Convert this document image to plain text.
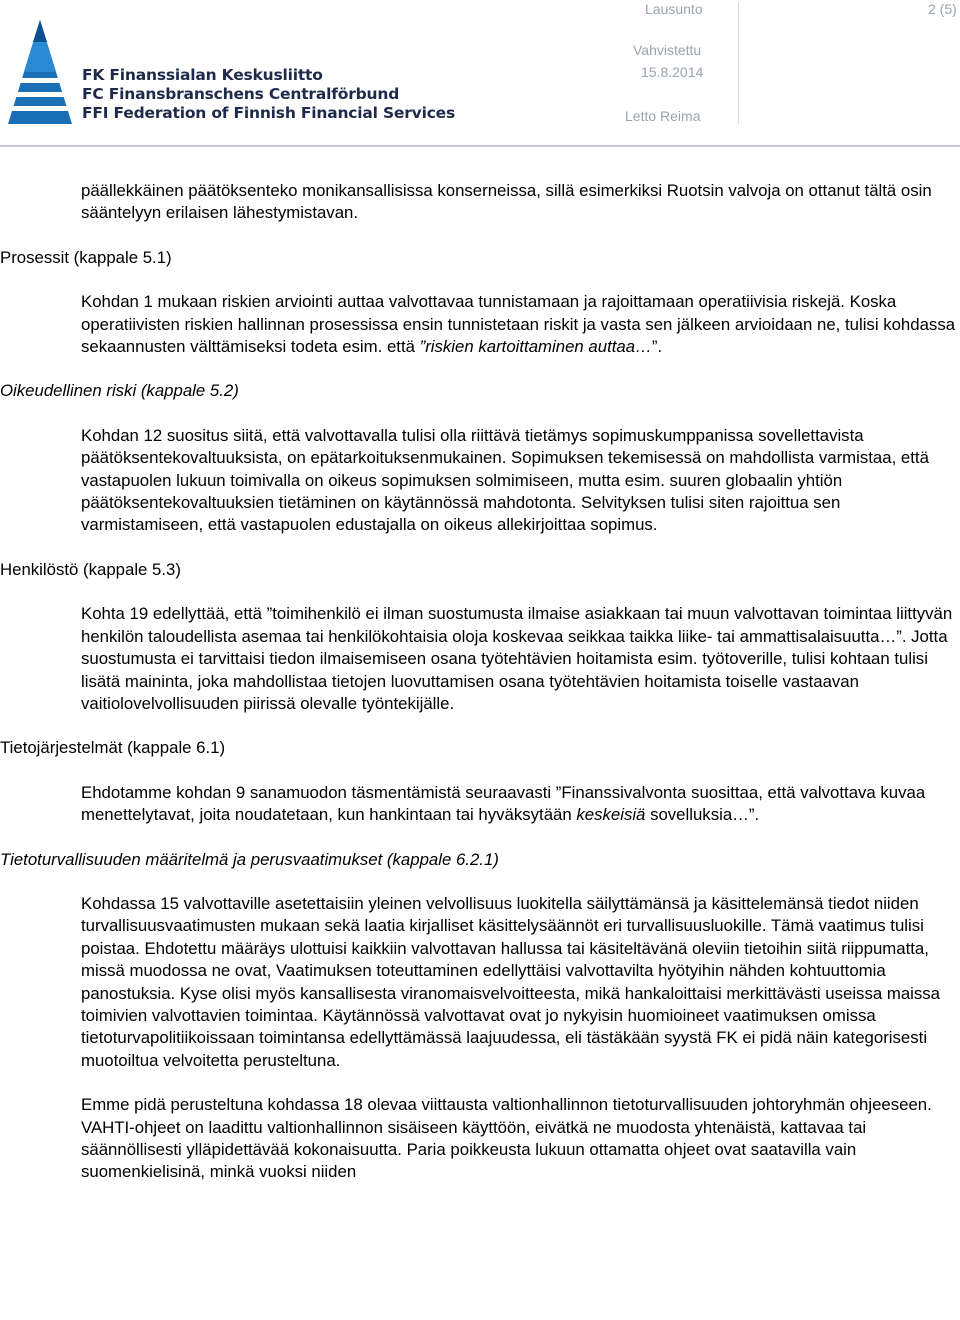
FK Finanssialan Keskusliitto
FC Finansbranschens Centralförbund
FFI Federation of Finnish Financial Services
Lausunto	2 (5)
Vahvistettu
15.8.2014
Letto Reima

päällekkäinen päätöksenteko monikansallisissa konserneissa, sillä esimerkiksi Ruotsin valvoja on ottanut tältä osin sääntelyyn erilaisen lähestymistavan.

Prosessit (kappale 5.1)

Kohdan 1 mukaan riskien arviointi auttaa valvottavaa tunnistamaan ja rajoittamaan operatiivisia riskejä. Koska operatiivisten riskien hallinnan prosessissa ensin tunnistetaan riskit ja vasta sen jälkeen arvioidaan ne, tulisi kohdassa sekaannusten välttämiseksi todeta esim. että ”riskien kartoittaminen auttaa…”.

Oikeudellinen riski (kappale 5.2)

Kohdan 12 suositus siitä, että valvottavalla tulisi olla riittävä tietämys sopimuskumppanissa sovellettavista päätöksentekovaltuuksista, on epätarkoituksenmukainen. Sopimuksen tekemisessä on mahdollista varmistaa, että vastapuolen lukuun toimivalla on oikeus sopimuksen solmimiseen, mutta esim. suuren globaalin yhtiön päätöksentekovaltuuksien tietäminen on käytännössä mahdotonta. Selvityksen tulisi siten rajoittua sen varmistamiseen, että vastapuolen edustajalla on oikeus allekirjoittaa sopimus.

Henkilöstö (kappale 5.3)

Kohta 19 edellyttää, että ”toimihenkilö ei ilman suostumusta ilmaise asiakkaan tai muun valvottavan toimintaa liittyvän henkilön taloudellista asemaa tai henkilökohtaisia oloja koskevaa seikkaa taikka liike- tai ammattisalaisuutta…”. Jotta suostumusta ei tarvittaisi tiedon ilmaisemiseen osana työtehtävien hoitamista esim. työtoverille, tulisi kohtaan tulisi lisätä maininta, joka mahdollistaa tietojen luovuttamisen osana työtehtävien hoitamista toiselle vastaavan vaitiolovelvollisuuden piirissä olevalle työntekijälle.

Tietojärjestelmät (kappale 6.1)

Ehdotamme kohdan 9 sanamuodon täsmentämistä seuraavasti ”Finanssivalvonta suosittaa, että valvottava kuvaa menettelytavat, joita noudatetaan, kun hankintaan tai hyväksytään keskeisiä sovelluksia…”.

Tietoturvallisuuden määritelmä ja perusvaatimukset (kappale 6.2.1)

Kohdassa 15 valvottaville asetettaisiin yleinen velvollisuus luokitella säilyttämänsä ja käsittelemänsä tiedot niiden turvallisuusvaatimusten mukaan sekä laatia kirjalliset käsittelysäännöt eri turvallisuusluokille. Tämä vaatimus tulisi poistaa. Ehdotettu määräys ulottuisi kaikkiin valvottavan hallussa tai käsiteltävänä oleviin tietoihin siitä riippumatta, missä muodossa ne ovat, Vaatimuksen toteuttaminen edellyttäisi valvottavilta hyötyihin nähden kohtuuttomia panostuksia. Kyse olisi myös kansallisesta viranomaisvelvoitteesta, mikä hankaloittaisi merkittävästi useissa maissa toimivien valvottavien toimintaa. Käytännössä valvottavat ovat jo nykyisin huomioineet vaatimuksen omissa tietoturvapolitiikoissaan toimintansa edellyttämässä laajuudessa, eli tästäkään syystä FK ei pidä näin kategorisesti muotoiltua velvoitetta perusteltuna.

Emme pidä perusteltuna kohdassa 18 olevaa viittausta valtionhallinnon tietoturvallisuuden johtoryhmän ohjeeseen. VAHTI-ohjeet on laadittu valtionhallinnon sisäiseen käyttöön, eivätkä ne muodosta yhtenäistä, kattavaa tai säännöllisesti ylläpidettävää kokonaisuutta. Paria poikkeusta lukuun ottamatta ohjeet ovat saatavilla vain suomenkielisinä, minkä vuoksi niiden
